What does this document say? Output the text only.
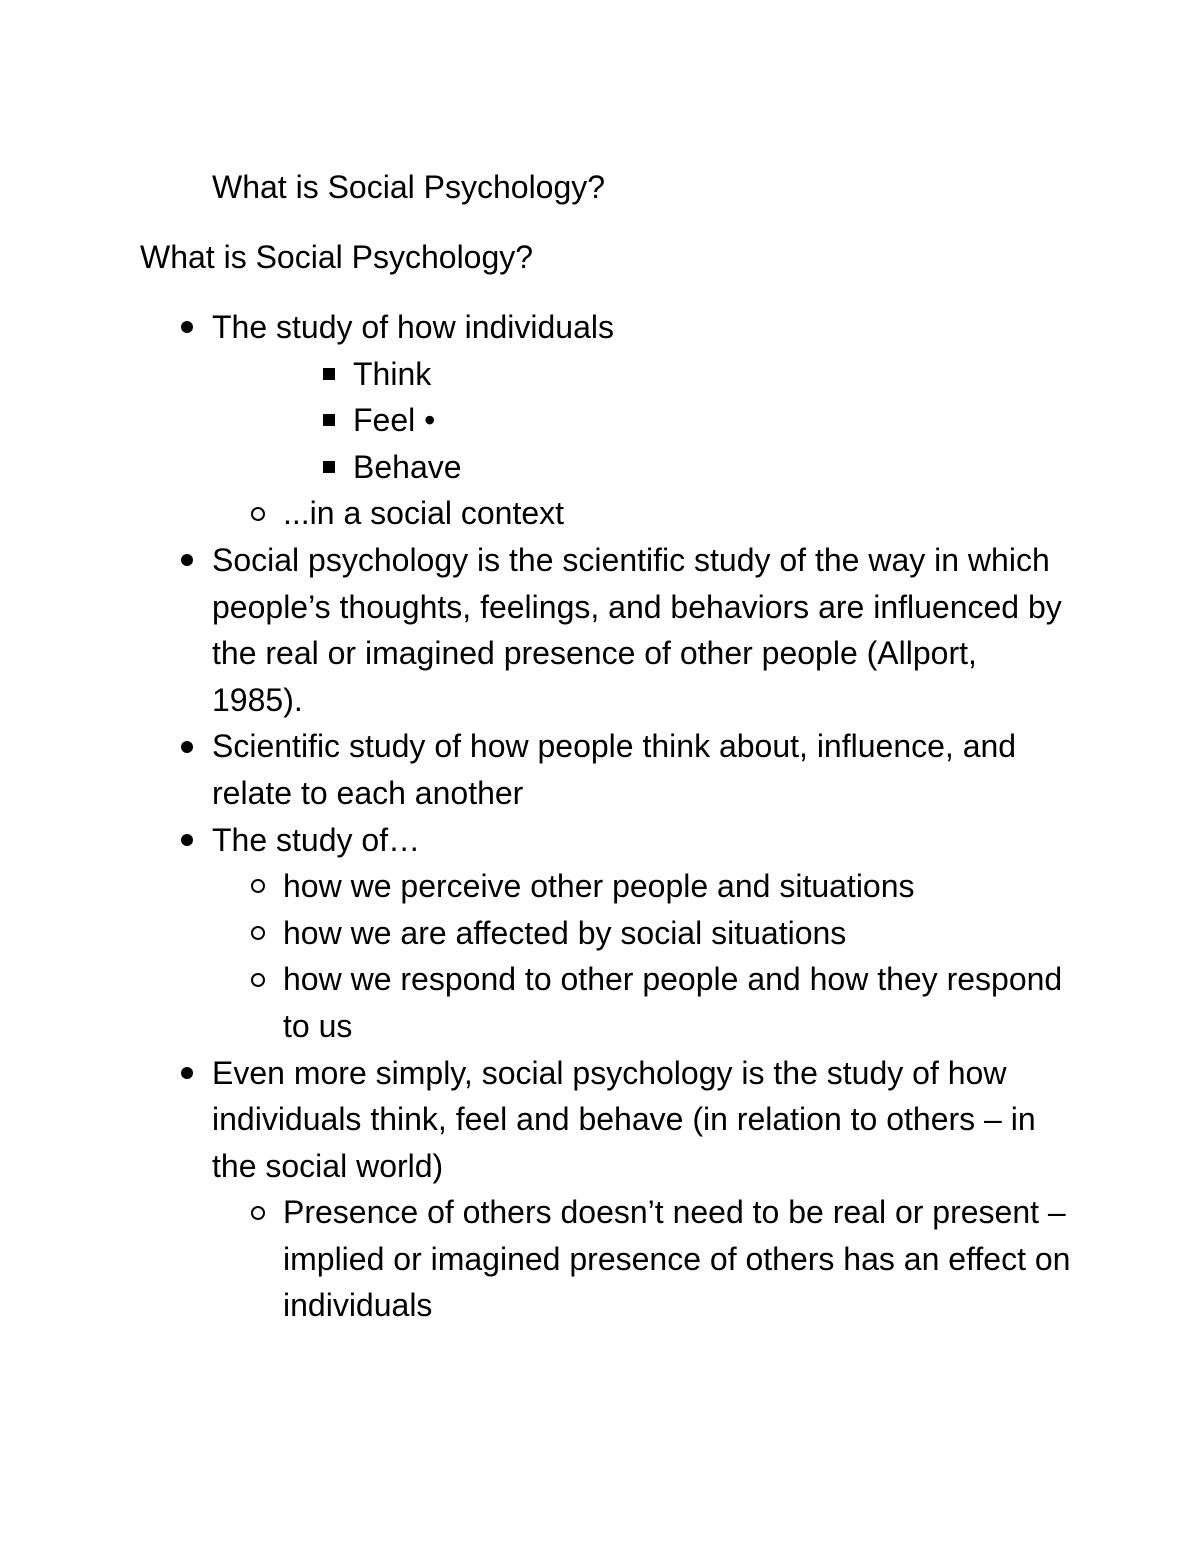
What is Social Psychology?
What is Social Psychology?

The study of how individuals

Think

Feel •

Behave

...in a social context

Social psychology is the scientific study of the way in which people’s thoughts, feelings, and behaviors are influenced by the real or imagined presence of other people (Allport, 1985).

Scientific study of how people think about, influence, and relate to each another

The study of…

how we perceive other people and situations

how we are affected by social situations

how we respond to other people and how they respond to us

Even more simply, social psychology is the study of how individuals think, feel and behave (in relation to others – in the social world)

Presence of others doesn’t need to be real or present – implied or imagined presence of others has an effect on individuals
